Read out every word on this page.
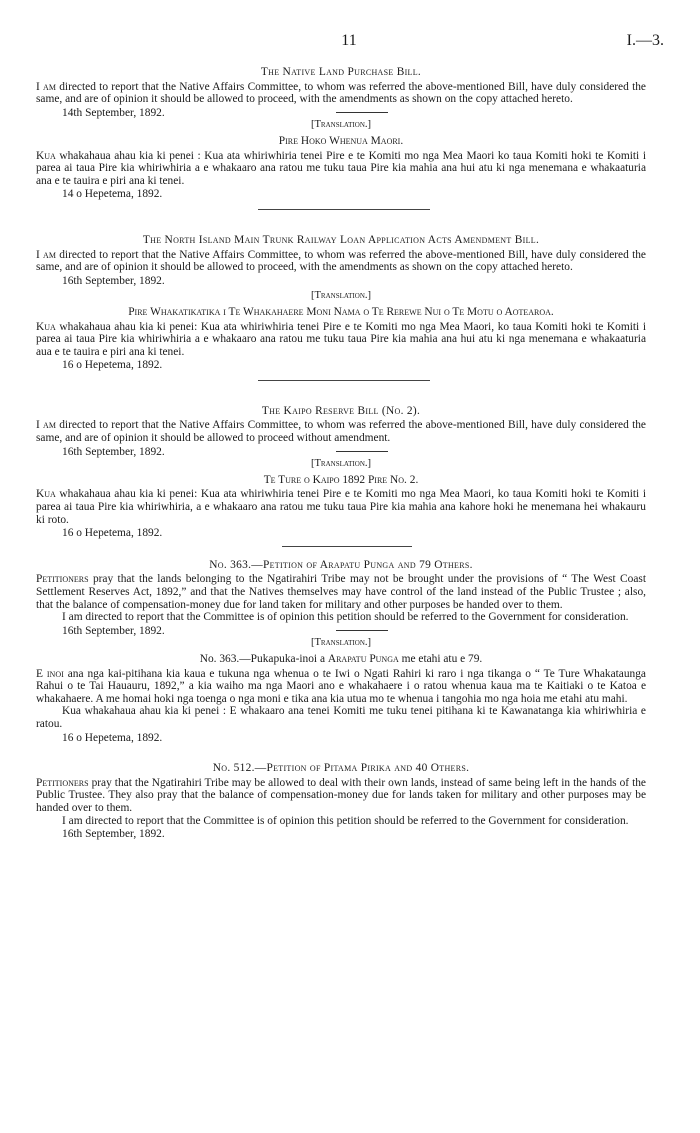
11	I.—3.
The Native Land Purchase Bill.

I am directed to report that the Native Affairs Committee, to whom was referred the above-mentioned Bill, have duly considered the same, and are of opinion it should be allowed to proceed, with the amendments as shown on the copy attached hereto.

14th September, 1892.
[Translation.]
Pire Hoko Whenua Maori.

Kua whakahaua ahau kia ki penei : Kua ata whiriwhiria tenei Pire e te Komiti mo nga Mea Maori ko taua Komiti hoki te Komiti i parea ai taua Pire kia whiriwhiria a e whakaaro ana ratou me tuku taua Pire kia mahia ana hui atu ki nga menemana e whakaaturia ana e te tauira e piri ana ki tenei.

14 o Hepetema, 1892.
The North Island Main Trunk Railway Loan Application Acts Amendment Bill.

I am directed to report that the Native Affairs Committee, to whom was referred the above-mentioned Bill, have duly considered the same, and are of opinion it should be allowed to proceed, with the amendments as shown on the copy attached hereto.

16th September, 1892.
[Translation.]
Pire Whakatikatika i Te Whakahaere Moni Nama o Te Rerewe Nui o Te Motu o Aotearoa.

Kua whakahaua ahau kia ki penei: Kua ata whiriwhiria tenei Pire e te Komiti mo nga Mea Maori, ko taua Komiti hoki te Komiti i parea ai taua Pire kia whiriwhiria a e whakaaro ana ratou me tuku taua Pire kia mahia ana hui atu ki nga menemana e whakaaturia aua e te tauira e piri ana ki tenei.

16 o Hepetema, 1892.
The Kaipo Reserve Bill (No. 2).

I am directed to report that the Native Affairs Committee, to whom was referred the above-mentioned Bill, have duly considered the same, and are of opinion it should be allowed to proceed without amendment.

16th September, 1892.
[Translation.]
Te Ture o Kaipo 1892 Pire No. 2.

Kua whakahaua ahau kia ki penei: Kua ata whiriwhiria tenei Pire e te Komiti mo nga Mea Maori, ko taua Komiti hoki te Komiti i parea ai taua Pire kia whiriwhiria, a e whakaaro ana ratou me tuku taua Pire kia mahia ana kahore hoki he menemana hei whakauru ki roto.

16 o Hepetema, 1892.
No. 363.—Petition of Arapatu Punga and 79 Others.

Petitioners pray that the lands belonging to the Ngatirahiri Tribe may not be brought under the provisions of “ The West Coast Settlement Reserves Act, 1892,” and that the Natives themselves may have control of the land instead of the Public Trustee ; also, that the balance of compensation-money due for land taken for military and other purposes be handed over to them.

I am directed to report that the Committee is of opinion this petition should be referred to the Government for consideration.

16th September, 1892.
[Translation.]
No. 363.—Pukapuka-inoi a Arapatu Punga me etahi atu e 79.

E inoi ana nga kai-pitihana kia kaua e tukuna nga whenua o te Iwi o Ngati Rahiri ki raro i nga tikanga o “ Te Ture Whakataunga Rahui o te Tai Hauauru, 1892,” a kia waiho ma nga Maori ano e whakahaere i o ratou whenua kaua ma te Kaitiaki o te Katoa e whakahaere. A me homai hoki nga toenga o nga moni e tika ana kia utua mo te whenua i tangohia mo nga hoia me etahi atu mahi.

Kua whakahaua ahau kia ki penei : E whakaaro ana tenei Komiti me tuku tenei pitihana ki te Kawanatanga kia whiriwhiria e ratou.

16 o Hepetema, 1892.
No. 512.—Petition of Pitama Pirika and 40 Others.

Petitioners pray that the Ngatirahiri Tribe may be allowed to deal with their own lands, instead of same being left in the hands of the Public Trustee. They also pray that the balance of compensation-money due for lands taken for military and other purposes may be handed over to them.

I am directed to report that the Committee is of opinion this petition should be referred to the Government for consideration.

16th September, 1892.
